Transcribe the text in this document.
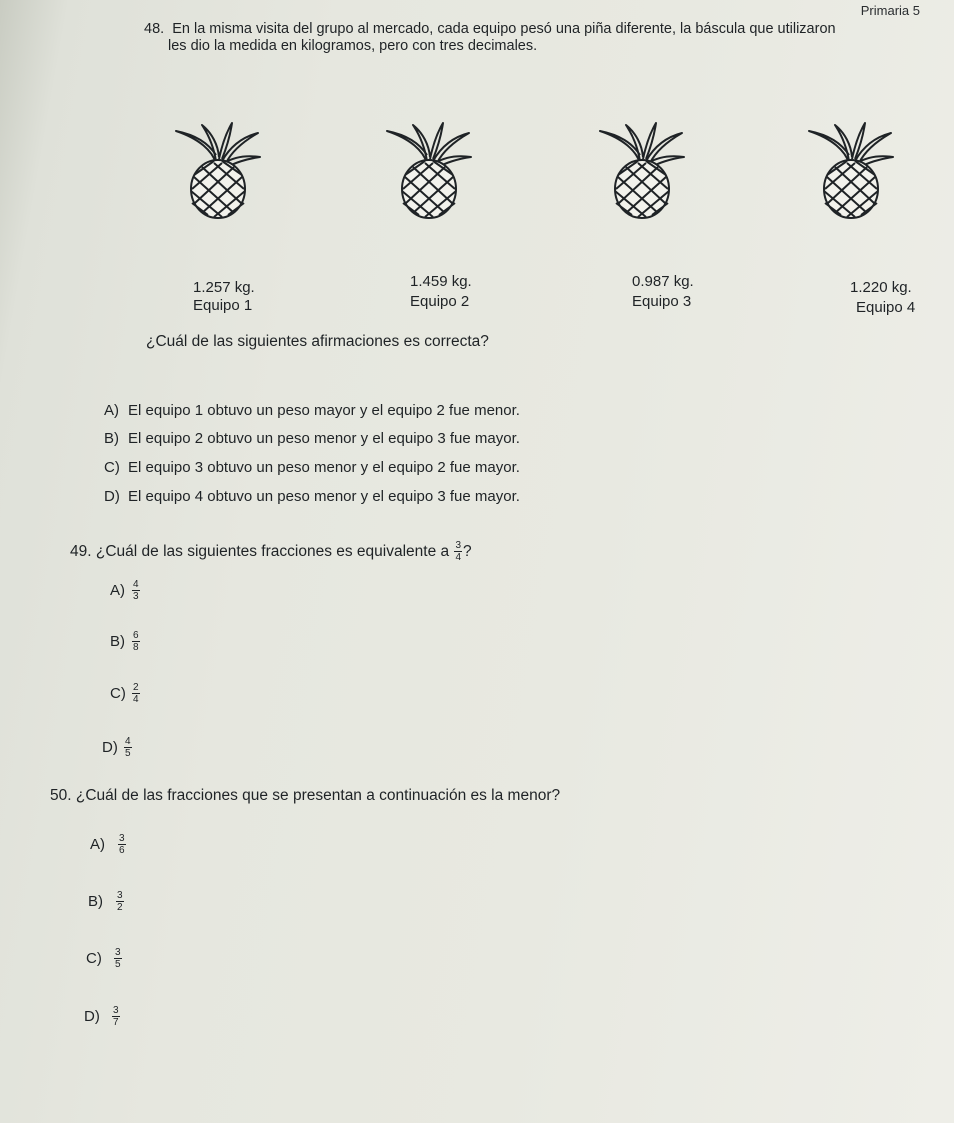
Primaria 5
48. En la misma visita del grupo al mercado, cada equipo pesó una piña diferente, la báscula que utilizaron
les dio la medida en kilogramos, pero con tres decimales.
1.257 kg.
Equipo 1
1.459 kg.
Equipo 2
0.987 kg.
Equipo 3
1.220 kg.
Equipo 4
¿Cuál de las siguientes afirmaciones es correcta?
A) El equipo 1 obtuvo un peso mayor y el equipo 2 fue menor.
B) El equipo 2 obtuvo un peso menor y el equipo 3 fue mayor.
C) El equipo 3 obtuvo un peso menor y el equipo 2 fue mayor.
D) El equipo 4 obtuvo un peso menor y el equipo 3 fue mayor.
49.
¿Cuál de las siguientes fracciones es equivalente a
$\frac{3}{4}$ ?
$A) \frac{4}{3}$
$B) \frac{6}{8}$
$C) \frac{2}{4}$
$D) \frac{4}{5}$
50. ¿Cuál de las fracciones que se presentan a continuación es la menor?
A)	$\frac{3}{6}$
B)	$\frac{3}{2}$
C)	$\frac{3}{5}$
D)	$\frac{3}{7}$
